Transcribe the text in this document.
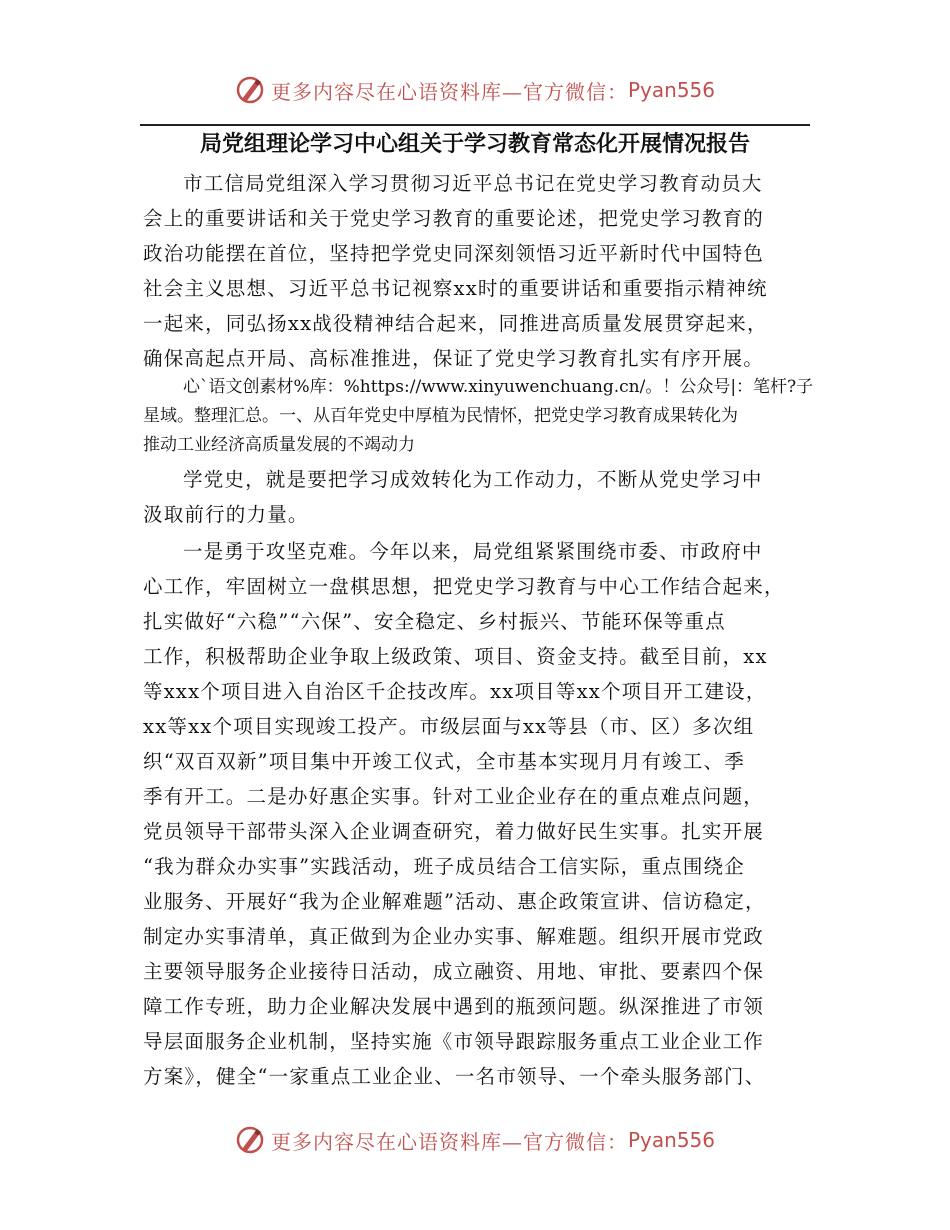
更多内容尽在心语资料库—官方微信： Pyan556
局党组理论学习中心组关于学习教育常态化开展情况报告
市工信局党组深入学习贯彻习近平总书记在党史学习教育动员大
会上的重要讲话和关于党史学习教育的重要论述，把党史学习教育的
政治功能摆在首位，坚持把学党史同深刻领悟习近平新时代中国特色
社会主义思想、习近平总书记视察xx时的重要讲话和重要指示精神统
一起来，同弘扬xx战役精神结合起来，同推进高质量发展贯穿起来，
确保高起点开局、高标准推进，保证了党史学习教育扎实有序开展。
心`语文创素材%库：%https://www.xinyuwenchuang.cn/。！公众号|：笔杆?子
星域。整理汇总。一、从百年党史中厚植为民情怀，把党史学习教育成果转化为
推动工业经济高质量发展的不竭动力
学党史，就是要把学习成效转化为工作动力，不断从党史学习中
汲取前行的力量。
一是勇于攻坚克难。今年以来，局党组紧紧围绕市委、市政府中
心工作，牢固树立一盘棋思想，把党史学习教育与中心工作结合起来，
扎实做好“六稳”“六保”、安全稳定、乡村振兴、节能环保等重点
工作，积极帮助企业争取上级政策、项目、资金支持。截至目前，xx
等xxx个项目进入自治区千企技改库。xx项目等xx个项目开工建设，
xx等xx个项目实现竣工投产。市级层面与xx等县（市、区）多次组
织“双百双新”项目集中开竣工仪式，全市基本实现月月有竣工、季
季有开工。二是办好惠企实事。针对工业企业存在的重点难点问题，
党员领导干部带头深入企业调查研究，着力做好民生实事。扎实开展
“我为群众办实事”实践活动，班子成员结合工信实际，重点围绕企
业服务、开展好“我为企业解难题”活动、惠企政策宣讲、信访稳定，
制定办实事清单，真正做到为企业办实事、解难题。组织开展市党政
主要领导服务企业接待日活动，成立融资、用地、审批、要素四个保
障工作专班，助力企业解决发展中遇到的瓶颈问题。纵深推进了市领
导层面服务企业机制，坚持实施《市领导跟踪服务重点工业企业工作
方案》，健全“一家重点工业企业、一名市领导、一个牵头服务部门、
更多内容尽在心语资料库—官方微信： Pyan556
